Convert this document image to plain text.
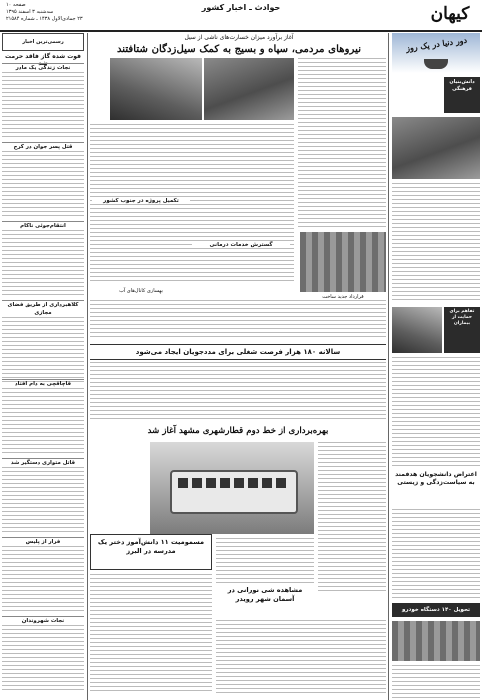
کیهان
حوادث ـ اخبار کشور
صفحه ۱۰
سه‌شنبه ۳ اسفند ۱۳۹۵
۲۳ جمادی‌الاول ۱۴۳۸ ـ شماره ۲۱۵۸۴
دور دنیا در یک روز
دانش‌بنیان فرهنگی

تفاهم برای حمایت از بیماران
اعتراض دانشجویان هدفمند به سیاست‌زدگی و زیستی
تحویل ۱۴۰ دستگاه خودرو
رسمی‌ترین اخبار
فوت شده گاز فاقد حرمت شد
نجات زندگی یک مادر
قتل پسر جوان در کرج
انتقام‌جوئی ناکام
کلاهبرداری از طریق فضای مجازی
قاچاقچی به دام افتاد
قاتل متواری دستگیر شد
فرار از پلیس
نجات شهروندان
آغاز برآورد میزان خسارت‌های ناشی از سیل
نیروهای مردمی، سپاه و بسیج به کمک سیل‌زدگان شتافتند
تکمیل پروژه در جنوب کشور
گسترش خدمات درمانی
قرارداد جدید ساخت
بهسازی کانال‌های آب
سالانه ۱۸۰ هزار فرصت شغلی برای مددجویان ایجاد می‌شود
بهره‌برداری از خط دوم قطارشهری مشهد آغاز شد
مسمومیت ۱۱ دانش‌آموز دختر یک مدرسه در البرز
مشاهده شی نورانی در آسمان شهر رویدر
